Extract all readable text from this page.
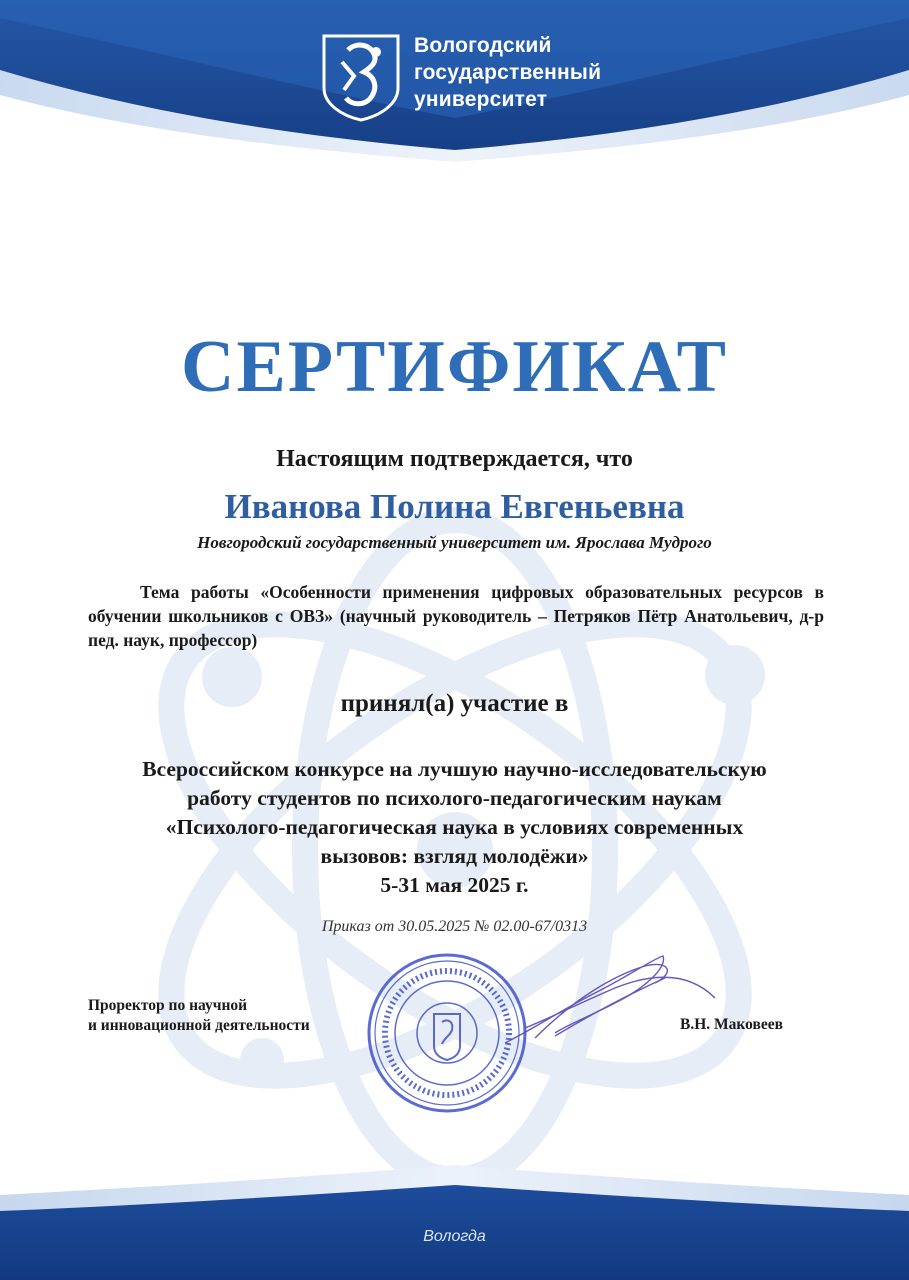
Вологодский
государственный
университет
СЕРТИФИКАТ
Настоящим подтверждается, что
Иванова Полина Евгеньевна
Новгородский государственный университет им. Ярослава Мудрого
Тема работы «Особенности применения цифровых образовательных ресурсов в обучении школьников с ОВЗ» (научный руководитель – Петряков Пётр Анатольевич, д-р пед. наук, профессор)
принял(а) участие в
Всероссийском конкурсе на лучшую научно-исследовательскую
работу студентов по психолого-педагогическим наукам
«Психолого-педагогическая наука в условиях современных
вызовов: взгляд молодёжи»
5-31 мая 2025 г.
Приказ от 30.05.2025 № 02.00-67/0313
Проректор по научной
и инновационной деятельности	В.Н. Маковеев
Вологда
